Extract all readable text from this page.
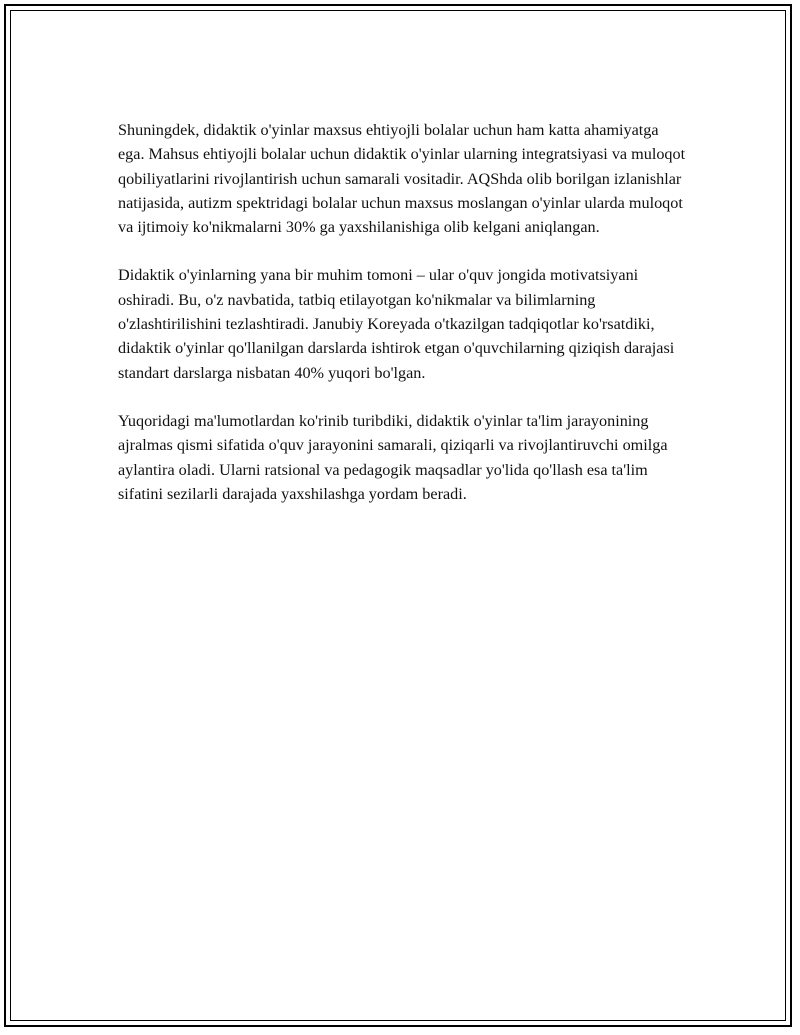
Shuningdek, didaktik o'yinlar maxsus ehtiyojli bolalar uchun ham katta ahamiyatga ega. Mahsus ehtiyojli bolalar uchun didaktik o'yinlar ularning integratsiyasi va muloqot qobiliyatlarini rivojlantirish uchun samarali vositadir. AQShda olib borilgan izlanishlar natijasida, autizm spektridagi bolalar uchun maxsus moslangan o'yinlar ularda muloqot va ijtimoiy ko'nikmalarni 30% ga yaxshilanishiga olib kelgani aniqlangan.

Didaktik o'yinlarning yana bir muhim tomoni – ular o'quv jongida motivatsiyani oshiradi. Bu, o'z navbatida, tatbiq etilayotgan ko'nikmalar va bilimlarning o'zlashtirilishini tezlashtiradi. Janubiy Koreyada o'tkazilgan tadqiqotlar ko'rsatdiki, didaktik o'yinlar qo'llanilgan darslarda ishtirok etgan o'quvchilarning qiziqish darajasi standart darslarga nisbatan 40% yuqori bo'lgan.

Yuqoridagi ma'lumotlardan ko'rinib turibdiki, didaktik o'yinlar ta'lim jarayonining ajralmas qismi sifatida o'quv jarayonini samarali, qiziqarli va rivojlantiruvchi omilga aylantira oladi. Ularni ratsional va pedagogik maqsadlar yo'lida qo'llash esa ta'lim sifatini sezilarli darajada yaxshilashga yordam beradi.
